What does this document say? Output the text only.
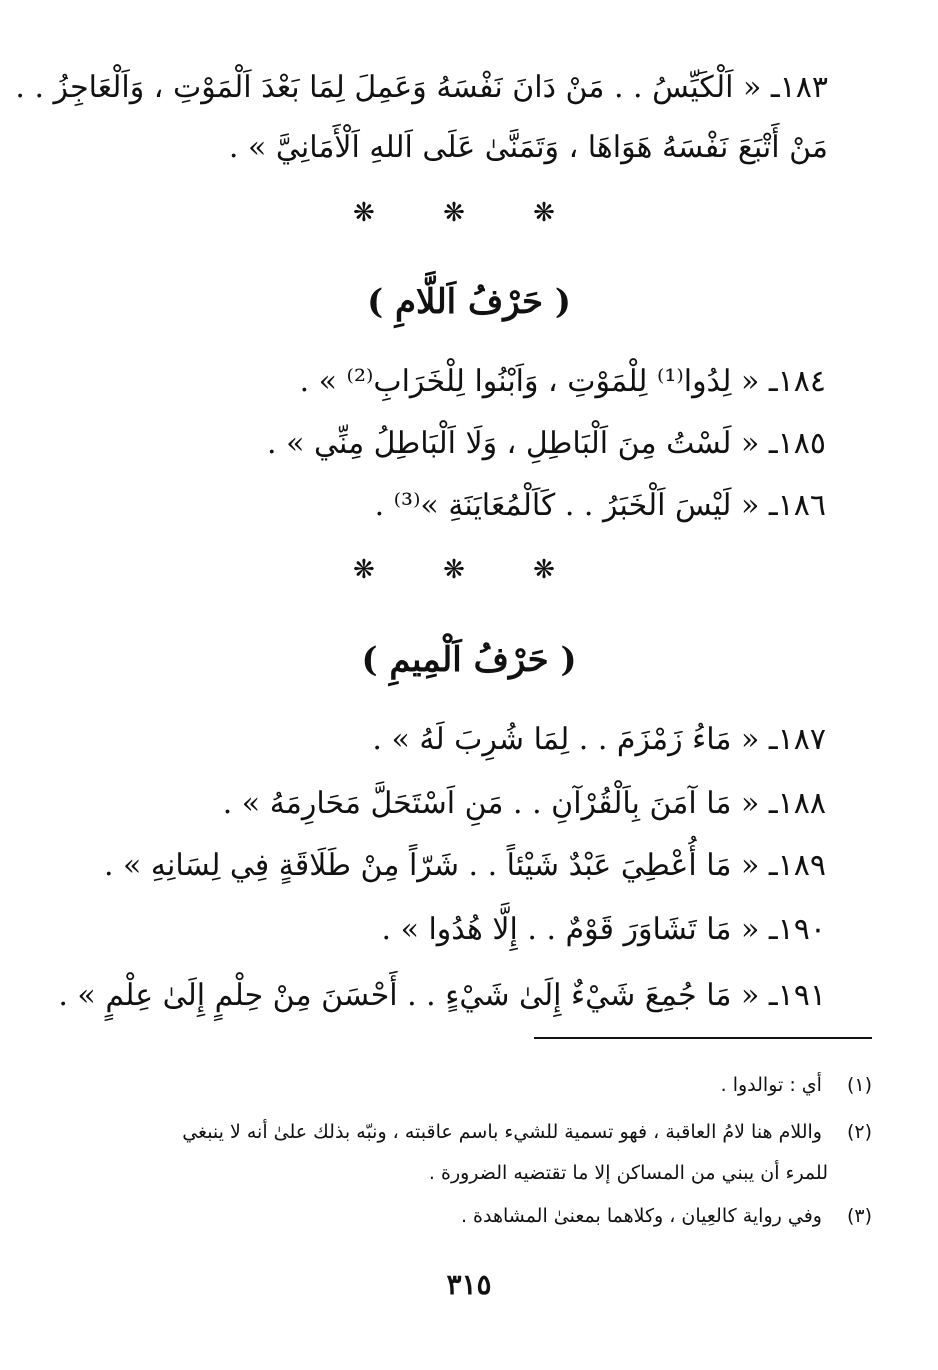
١٨٣ـ « اَلْكَيِّسُ . . مَنْ دَانَ نَفْسَهُ وَعَمِلَ لِمَا بَعْدَ اَلْمَوْتِ ، وَاَلْعَاجِزُ . .
مَنْ أَتْبَعَ نَفْسَهُ هَوَاهَا ، وَتَمَنَّىٰ عَلَى اَللهِ اَلْأَمَانِيَّ » .
❋ ❋ ❋
( حَرْفُ اَللَّامِ )
١٨٤ـ « لِدُوا⁽¹⁾ لِلْمَوْتِ ، وَاَبْنُوا لِلْخَرَابِ⁽²⁾ » .
١٨٥ـ « لَسْتُ مِنَ اَلْبَاطِلِ ، وَلَا اَلْبَاطِلُ مِنِّي » .
١٨٦ـ « لَيْسَ اَلْخَبَرُ . . كَاَلْمُعَايَنَةِ »⁽³⁾ .
❋ ❋ ❋
( حَرْفُ اَلْمِيمِ )
١٨٧ـ « مَاءُ زَمْزَمَ . . لِمَا شُرِبَ لَهُ » .
١٨٨ـ « مَا آمَنَ بِاَلْقُرْآنِ . . مَنِ اَسْتَحَلَّ مَحَارِمَهُ » .
١٨٩ـ « مَا أُعْطِيَ عَبْدٌ شَيْئاً . . شَرّاً مِنْ طَلَاقَةٍ فِي لِسَانِهِ » .
١٩٠ـ « مَا تَشَاوَرَ قَوْمٌ . . إِلَّا هُدُوا » .
١٩١ـ « مَا جُمِعَ شَيْءٌ إِلَىٰ شَيْءٍ . . أَحْسَنَ مِنْ حِلْمٍ إِلَىٰ عِلْمٍ » .
(١) أي : توالدوا .
(٢) واللام هنا لامُ العاقبة ، فهو تسمية للشيء باسم عاقبته ، ونبّه بذلك علىٰ أنه لا ينبغي
للمرء أن يبني من المساكن إلا ما تقتضيه الضرورة .
(٣) وفي رواية كالعِيان ، وكلاهما بمعنىٰ المشاهدة .
٣١٥
